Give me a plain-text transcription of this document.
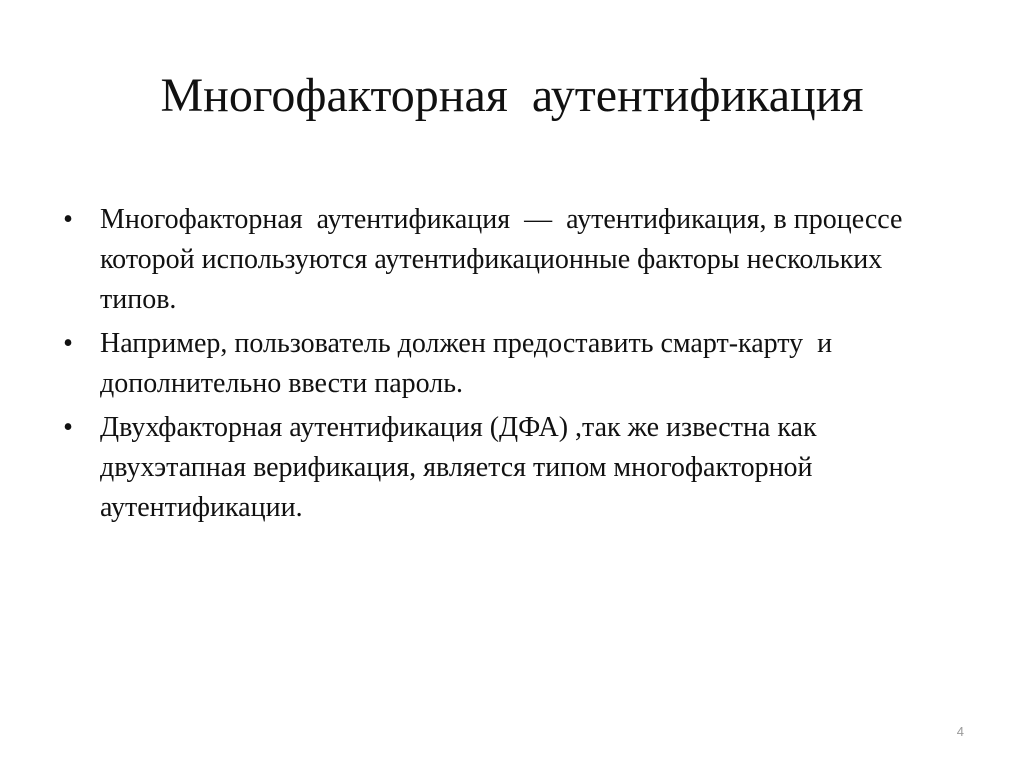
Многофакторная  аутентификация
• Многофакторная  аутентификация  —  аутентификация, в процессе которой используются аутентификационные факторы нескольких типов.
• Например, пользователь должен предоставить смарт-карту  и дополнительно ввести пароль.
• Двухфакторная аутентификация (ДФА) ,так же известна как двухэтапная верификация, является типом многофакторной аутентификации.
4
